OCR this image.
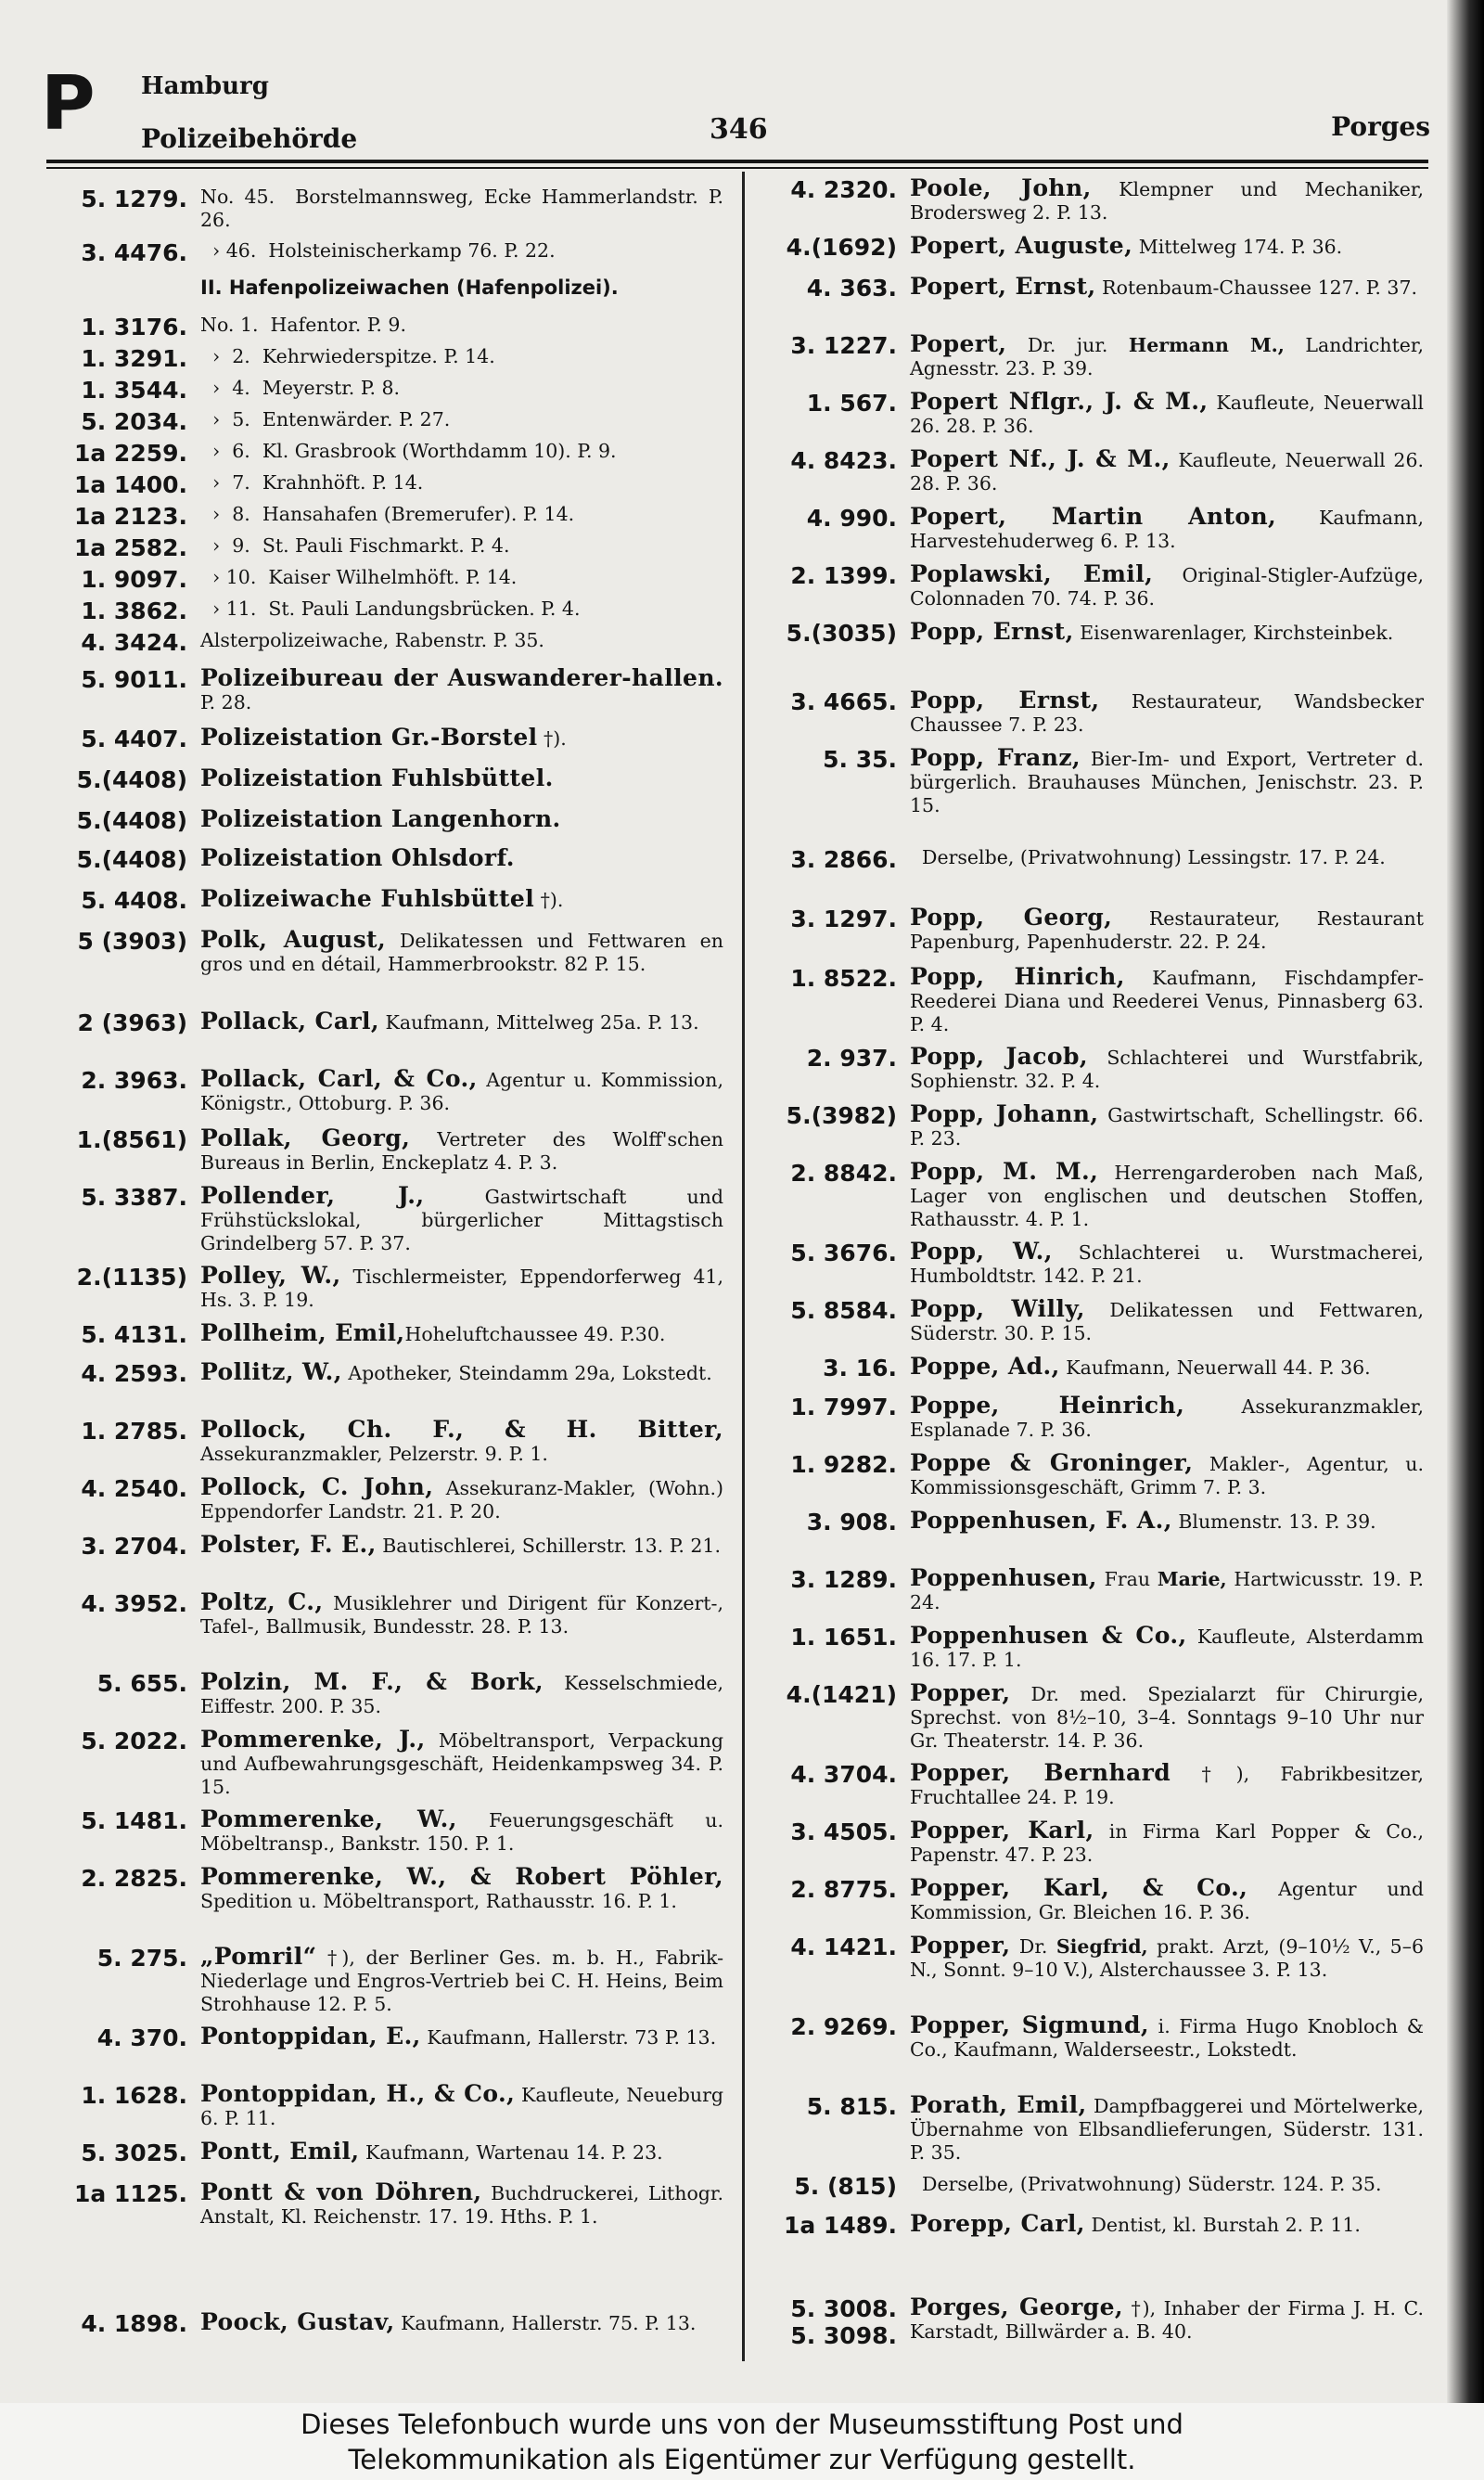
P Hamburg
Polizeibehörde	346	Porges
5. 1279. No. 45.  Borstelmannsweg, Ecke Hammerlandstr. P. 26.
3. 4476. › 46.  Holsteinischerkamp 76. P. 22.
II. Hafenpolizeiwachen (Hafenpolizei).
1. 3176. No. 1.  Hafentor. P. 9.
1. 3291. ›  2.  Kehrwiederspitze. P. 14.
1. 3544. ›  4.  Meyerstr. P. 8.
5. 2034. ›  5.  Entenwärder. P. 27.
1a 2259. ›  6.  Kl. Grasbrook (Worthdamm 10). P. 9.
1a 1400. ›  7.  Krahnhöft. P. 14.
1a 2123. ›  8.  Hansahafen (Bremerufer). P. 14.
1a 2582. ›  9.  St. Pauli Fischmarkt. P. 4.
1. 9097. › 10.  Kaiser Wilhelmhöft. P. 14.
1. 3862. › 11.  St. Pauli Landungsbrücken. P. 4.
4. 3424. Alsterpolizeiwache, Rabenstr. P. 35.
5. 9011. Polizeibureau der Auswanderer-hallen. P. 28.
5. 4407. Polizeistation Gr.-Borstel †).
5.(4408) Polizeistation Fuhlsbüttel.
5.(4408) Polizeistation Langenhorn.
5.(4408) Polizeistation Ohlsdorf.
5. 4408. Polizeiwache Fuhlsbüttel †).
5 (3903) Polk, August, Delikatessen und Fettwaren en gros und en détail, Hammerbrookstr. 82 P. 15.
2 (3963) Pollack, Carl, Kaufmann, Mittelweg 25a. P. 13.
2. 3963. Pollack, Carl, & Co., Agentur u. Kommission, Königstr., Ottoburg. P. 36.
1.(8561) Pollak, Georg, Vertreter des Wolff'schen Bureaus in Berlin, Enckeplatz 4. P. 3.
5. 3387. Pollender, J., Gastwirtschaft und Frühstückslokal, bürgerlicher Mittagstisch Grindelberg 57. P. 37.
2.(1135) Polley, W., Tischlermeister, Eppendorferweg 41, Hs. 3. P. 19.
5. 4131. Pollheim, Emil,Hoheluftchaussee 49. P.30.
4. 2593. Pollitz, W., Apotheker, Steindamm 29a, Lokstedt.
1. 2785. Pollock, Ch. F., & H. Bitter, Assekuranzmakler, Pelzerstr. 9. P. 1.
4. 2540. Pollock, C. John, Assekuranz-Makler, (Wohn.) Eppendorfer Landstr. 21. P. 20.
3. 2704. Polster, F. E., Bautischlerei, Schillerstr. 13. P. 21.
4. 3952. Poltz, C., Musiklehrer und Dirigent für Konzert-, Tafel-, Ballmusik, Bundesstr. 28. P. 13.
5. 655. Polzin, M. F., & Bork, Kesselschmiede, Eiffestr. 200. P. 35.
5. 2022. Pommerenke, J., Möbeltransport, Verpackung und Aufbewahrungsgeschäft, Heidenkampsweg 34. P. 15.
5. 1481. Pommerenke, W., Feuerungsgeschäft u. Möbeltransp., Bankstr. 150. P. 1.
2. 2825. Pommerenke, W., & Robert Pöhler, Spedition u. Möbeltransport, Rathausstr. 16. P. 1.
5. 275. „Pomril“ †), der Berliner Ges. m. b. H., Fabrik-Niederlage und Engros-Vertrieb bei C. H. Heins, Beim Strohhause 12. P. 5.
4. 370. Pontoppidan, E., Kaufmann, Hallerstr. 73 P. 13.
1. 1628. Pontoppidan, H., & Co., Kaufleute, Neueburg 6. P. 11.
5. 3025. Pontt, Emil, Kaufmann, Wartenau 14. P. 23.
1a 1125. Pontt & von Döhren, Buchdruckerei, Lithogr. Anstalt, Kl. Reichenstr. 17. 19. Hths. P. 1.
4. 1898. Poock, Gustav, Kaufmann, Hallerstr. 75. P. 13.
4. 2320. Poole, John, Klempner und Mechaniker, Brodersweg 2. P. 13.
4.(1692) Popert, Auguste, Mittelweg 174. P. 36.
4. 363. Popert, Ernst, Rotenbaum-Chaussee 127. P. 37.
3. 1227. Popert, Dr. jur. Hermann M., Landrichter, Agnesstr. 23. P. 39.
1. 567. Popert Nflgr., J. & M., Kaufleute, Neuerwall 26. 28. P. 36.
4. 8423. Popert Nf., J. & M., Kaufleute, Neuerwall 26. 28. P. 36.
4. 990. Popert, Martin Anton, Kaufmann, Harvestehuderweg 6. P. 13.
2. 1399. Poplawski, Emil, Original-Stigler-Aufzüge, Colonnaden 70. 74. P. 36.
5.(3035) Popp, Ernst, Eisenwarenlager, Kirchsteinbek.
3. 4665. Popp, Ernst, Restaurateur, Wandsbecker Chaussee 7. P. 23.
5. 35. Popp, Franz, Bier-Im- und Export, Vertreter d. bürgerlich. Brauhauses München, Jenischstr. 23. P. 15.
3. 2866. Derselbe, (Privatwohnung) Lessingstr. 17. P. 24.
3. 1297. Popp, Georg, Restaurateur, Restaurant Papenburg, Papenhuderstr. 22. P. 24.
1. 8522. Popp, Hinrich, Kaufmann, Fischdampfer-Reederei Diana und Reederei Venus, Pinnasberg 63. P. 4.
2. 937. Popp, Jacob, Schlachterei und Wurstfabrik, Sophienstr. 32. P. 4.
5.(3982) Popp, Johann, Gastwirtschaft, Schellingstr. 66. P. 23.
2. 8842. Popp, M. M., Herrengarderoben nach Maß, Lager von englischen und deutschen Stoffen, Rathausstr. 4. P. 1.
5. 3676. Popp, W., Schlachterei u. Wurstmacherei, Humboldtstr. 142. P. 21.
5. 8584. Popp, Willy, Delikatessen und Fettwaren, Süderstr. 30. P. 15.
3. 16. Poppe, Ad., Kaufmann, Neuerwall 44. P. 36.
1. 7997. Poppe, Heinrich, Assekuranzmakler, Esplanade 7. P. 36.
1. 9282. Poppe & Groninger, Makler-, Agentur, u. Kommissionsgeschäft, Grimm 7. P. 3.
3. 908. Poppenhusen, F. A., Blumenstr. 13. P. 39.
3. 1289. Poppenhusen, Frau Marie, Hartwicusstr. 19. P. 24.
1. 1651. Poppenhusen & Co., Kaufleute, Alsterdamm 16. 17. P. 1.
4.(1421) Popper, Dr. med. Spezialarzt für Chirurgie, Sprechst. von 8½–10, 3–4. Sonntags 9–10 Uhr nur Gr. Theaterstr. 14. P. 36.
4. 3704. Popper, Bernhard †), Fabrikbesitzer, Fruchtallee 24. P. 19.
3. 4505. Popper, Karl, in Firma Karl Popper & Co., Papenstr. 47. P. 23.
2. 8775. Popper, Karl, & Co., Agentur und Kommission, Gr. Bleichen 16. P. 36.
4. 1421. Popper, Dr. Siegfrid, prakt. Arzt, (9–10½ V., 5–6 N., Sonnt. 9–10 V.), Alsterchaussee 3. P. 13.
2. 9269. Popper, Sigmund, i. Firma Hugo Knobloch & Co., Kaufmann, Walderseestr., Lokstedt.
5. 815. Porath, Emil, Dampfbaggerei und Mörtelwerke, Übernahme von Elbsandlieferungen, Süderstr. 131. P. 35.
5. (815) Derselbe, (Privatwohnung) Süderstr. 124. P. 35.
1a 1489. Porepp, Carl, Dentist, kl. Burstah 2. P. 11.
5. 3008.
5. 3098.
Porges, George, †), Inhaber der Firma J. H. C. Karstadt, Billwärder a. B. 40.
Dieses Telefonbuch wurde uns von der Museumsstiftung Post und
Telekommunikation als Eigentümer zur Verfügung gestellt.
